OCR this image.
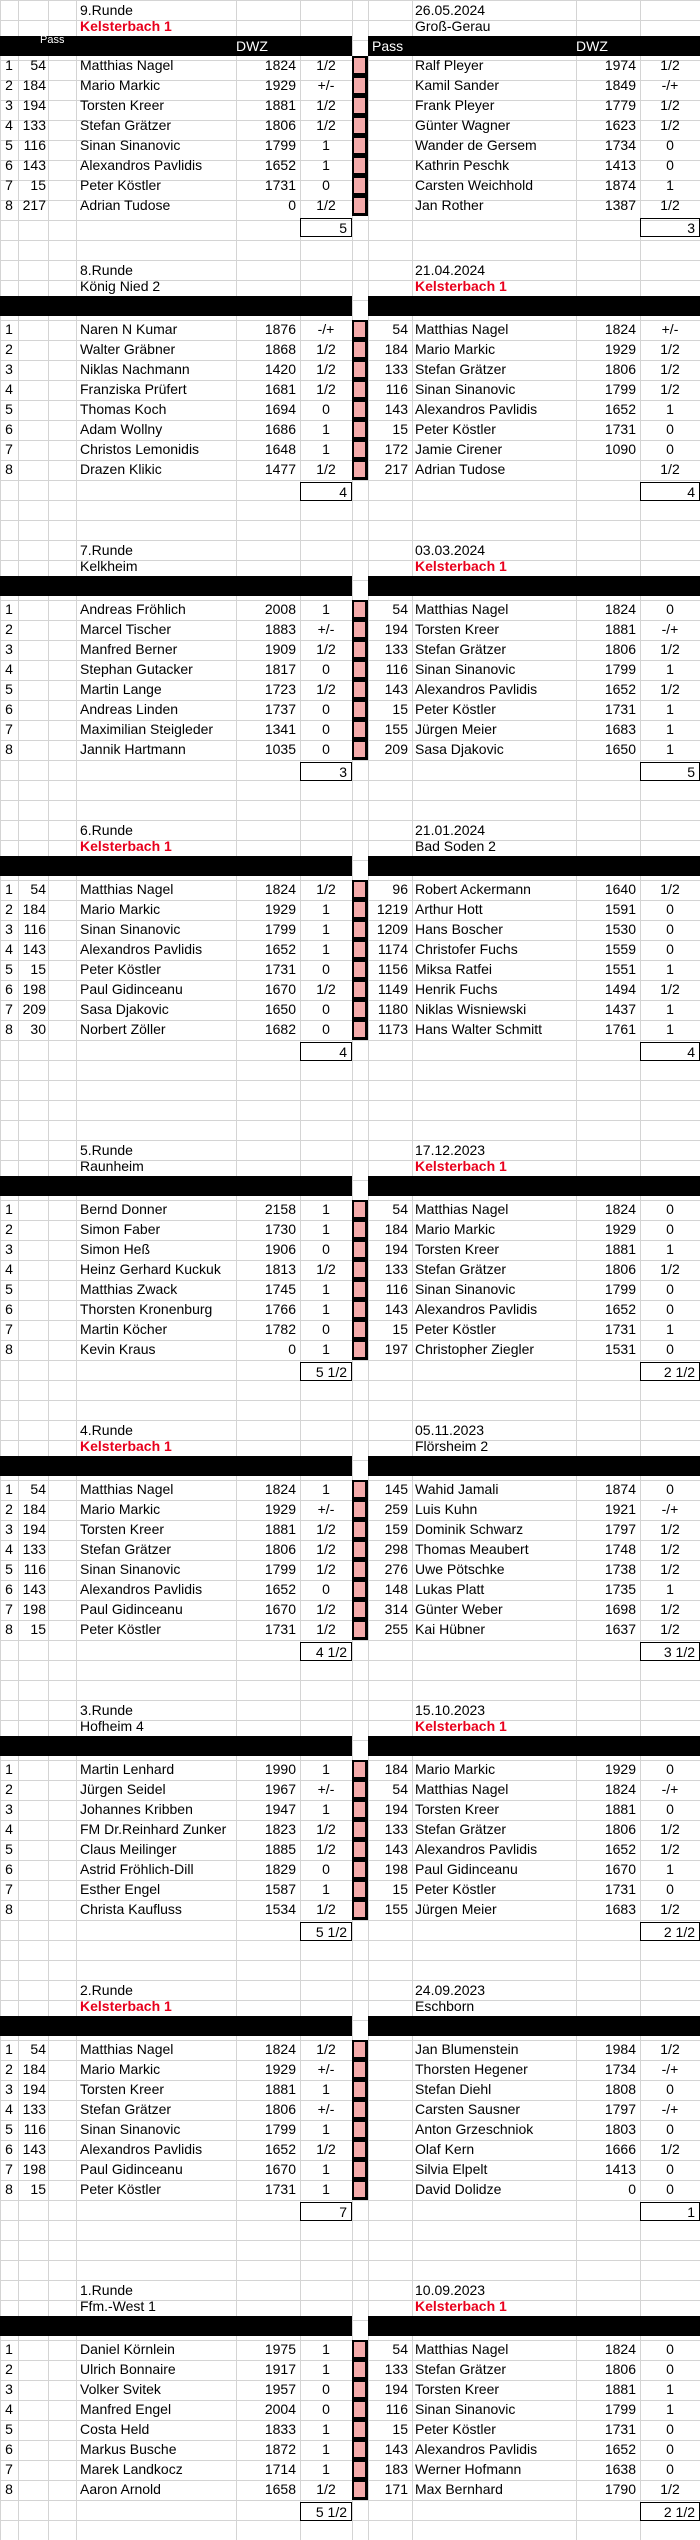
9.Runde
Kelsterbach 1
26.05.2024
Groß-Gerau
Pass	DWZ	Pass	DWZ
1	54 Matthias Nagel	1824	1/2	Ralf Pleyer	1974	1/2
2 184 Mario Markic	1929	+/-	Kamil Sander	1849	-/+
3 194 Torsten Kreer	1881	1/2	Frank Pleyer	1779	1/2
4 133 Stefan Grätzer	1806	1/2	Günter Wagner	1623	1/2
5 116 Sinan Sinanovic	1799	1	Wander de Gersem	1734	0
6 143 Alexandros Pavlidis	1652	1	Kathrin Peschk	1413	0
7	15 Peter Köstler	1731	0	Carsten Weichhold	1874	1
8 217 Adrian Tudose	0	1/2	Jan Rother	1387	1/2
5	3
8.Runde
König Nied 2
21.04.2024
Kelsterbach 1
1	Naren N Kumar	1876	-/+	54 Matthias Nagel	1824	+/-
2	Walter Gräbner	1868	1/2	184 Mario Markic	1929	1/2
3	Niklas Nachmann	1420	1/2	133 Stefan Grätzer	1806	1/2
4	Franziska Prüfert	1681	1/2	116 Sinan Sinanovic	1799	1/2
5	Thomas Koch	1694	0	143 Alexandros Pavlidis	1652	1
6	Adam Wollny	1686	1	15 Peter Köstler	1731	0
7	Christos Lemonidis	1648	1	172 Jamie Cirener	1090	0
8	Drazen Klikic	1477	1/2	217 Adrian Tudose	1/2
4	4
7.Runde
Kelkheim
03.03.2024
Kelsterbach 1
1	Andreas Fröhlich	2008	1	54 Matthias Nagel	1824	0
2	Marcel Tischer	1883	+/-	194 Torsten Kreer	1881	-/+
3	Manfred Berner	1909	1/2	133 Stefan Grätzer	1806	1/2
4	Stephan Gutacker	1817	0	116 Sinan Sinanovic	1799	1
5	Martin Lange	1723	1/2	143 Alexandros Pavlidis	1652	1/2
6	Andreas Linden	1737	0	15 Peter Köstler	1731	1
7	Maximilian Steigleder	1341	0	155 Jürgen Meier	1683	1
8	Jannik Hartmann	1035	0	209 Sasa Djakovic	1650	1
3	5
6.Runde
Kelsterbach 1
21.01.2024
Bad Soden 2
1	54 Matthias Nagel	1824	1/2	96 Robert Ackermann	1640	1/2
2 184 Mario Markic	1929	1	1219 Arthur Hott	1591	0
3 116 Sinan Sinanovic	1799	1	1209 Hans Boscher	1530	0
4 143 Alexandros Pavlidis	1652	1	1174 Christofer Fuchs	1559	0
5	15 Peter Köstler	1731	0	1156 Miksa Ratfei	1551	1
6 198 Paul Gidinceanu	1670	1/2	1149 Henrik Fuchs	1494	1/2
7 209 Sasa Djakovic	1650	0	1180 Niklas Wisniewski	1437	1
8	30 Norbert Zöller	1682	0	1173 Hans Walter Schmitt	1761	1
4	4
5.Runde
Raunheim
17.12.2023
Kelsterbach 1
1	Bernd Donner	2158	1	54 Matthias Nagel	1824	0
2	Simon Faber	1730	1	184 Mario Markic	1929	0
3	Simon Heß	1906	0	194 Torsten Kreer	1881	1
4	Heinz Gerhard Kuckuk	1813	1/2	133 Stefan Grätzer	1806	1/2
5	Matthias Zwack	1745	1	116 Sinan Sinanovic	1799	0
6	Thorsten Kronenburg	1766	1	143 Alexandros Pavlidis	1652	0
7	Martin Köcher	1782	0	15 Peter Köstler	1731	1
8	Kevin Kraus	0	1	197 Christopher Ziegler	1531	0
5 1/2	2 1/2
4.Runde
Kelsterbach 1
05.11.2023
Flörsheim 2
1	54 Matthias Nagel	1824	1	145 Wahid Jamali	1874	0
2 184 Mario Markic	1929	+/-	259 Luis Kuhn	1921	-/+
3 194 Torsten Kreer	1881	1/2	159 Dominik Schwarz	1797	1/2
4 133 Stefan Grätzer	1806	1/2	298 Thomas Meaubert	1748	1/2
5 116 Sinan Sinanovic	1799	1/2	276 Uwe Pötschke	1738	1/2
6 143 Alexandros Pavlidis	1652	0	148 Lukas Platt	1735	1
7 198 Paul Gidinceanu	1670	1/2	314 Günter Weber	1698	1/2
8	15 Peter Köstler	1731	1/2	255 Kai Hübner	1637	1/2
4 1/2	3 1/2
3.Runde
Hofheim 4
15.10.2023
Kelsterbach 1
1	Martin Lenhard	1990	1	184 Mario Markic	1929	0
2	Jürgen Seidel	1967	+/-	54 Matthias Nagel	1824	-/+
3	Johannes Kribben	1947	1	194 Torsten Kreer	1881	0
4	FM Dr.Reinhard Zunker	1823	1/2	133 Stefan Grätzer	1806	1/2
5	Claus Meilinger	1885	1/2	143 Alexandros Pavlidis	1652	1/2
6	Astrid Fröhlich-Dill	1829	0	198 Paul Gidinceanu	1670	1
7	Esther Engel	1587	1	15 Peter Köstler	1731	0
8	Christa Kaufluss	1534	1/2	155 Jürgen Meier	1683	1/2
5 1/2	2 1/2
2.Runde
Kelsterbach 1
24.09.2023
Eschborn
1	54 Matthias Nagel	1824	1/2	Jan Blumenstein	1984	1/2
2 184 Mario Markic	1929	+/-	Thorsten Hegener	1734	-/+
3 194 Torsten Kreer	1881	1	Stefan Diehl	1808	0
4 133 Stefan Grätzer	1806	+/-	Carsten Sausner	1797	-/+
5 116 Sinan Sinanovic	1799	1	Anton Grzeschniok	1803	0
6 143 Alexandros Pavlidis	1652	1/2	Olaf Kern	1666	1/2
7 198 Paul Gidinceanu	1670	1	Silvia Elpelt	1413	0
8	15 Peter Köstler	1731	1	David Dolidze	0	0
7	1
1.Runde
Ffm.-West 1
10.09.2023
Kelsterbach 1
1	Daniel Körnlein	1975	1	54 Matthias Nagel	1824	0
2	Ulrich Bonnaire	1917	1	133 Stefan Grätzer	1806	0
3	Volker Svitek	1957	0	194 Torsten Kreer	1881	1
4	Manfred Engel	2004	0	116 Sinan Sinanovic	1799	1
5	Costa Held	1833	1	15 Peter Köstler	1731	0
6	Markus Busche	1872	1	143 Alexandros Pavlidis	1652	0
7	Marek Landkocz	1714	1	183 Werner Hofmann	1638	0
8	Aaron Arnold	1658	1/2	171 Max Bernhard	1790	1/2
5 1/2	2 1/2
